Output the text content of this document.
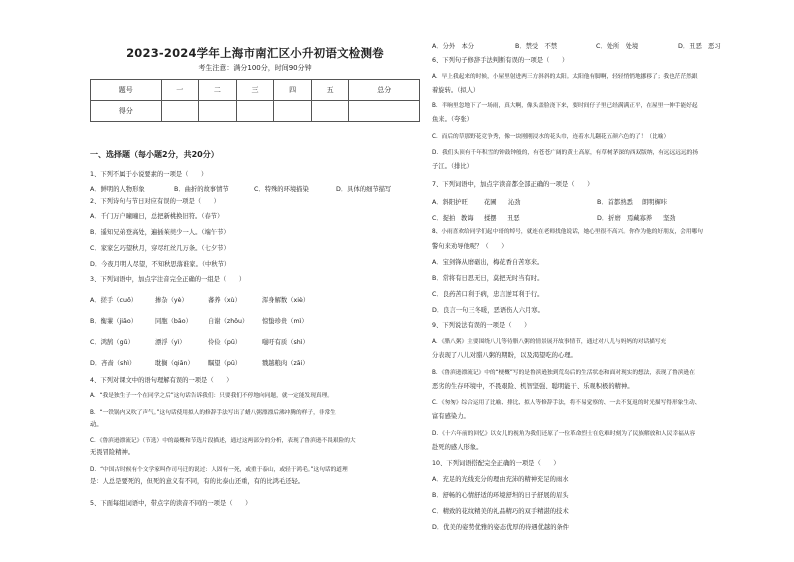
2023-2024学年上海市南汇区小升初语文检测卷
考生注意：满分100分，时间90分钟
题号	一	二	三	四	五	总分
得分						
一、选择题（每小题2分，共20分）
1、下列不属于小说要素的一项是（　　）
A．鲜明的人物形象	B．曲折的故事情节	C．特殊的环境描染	D．具体的细节描写
2、下列诗句与节日对应有误的一项是（　　）
A．千门万户曈曈日，总把新桃换旧符。（春节）
B．遥知兄弟登高处，遍插茱萸少一人。（端午节）
C．家家乞巧望秋月，穿尽红丝几万条。（七夕节）
D．今夜月明人尽望，不知秋思落谁家。（中秋节）
3、下列词语中，加点字注音完全正确的一组是（　　）
A．搓手（cuō）	掺杂（yè）	蕃养（xù）	浑身解数（xiè）
B．衡蒹（jiāo）	同胞（bāo）	自谢（zhōu） 惊蛰珍贵（mì）
C．鸿鹄（gǔ）	漂浮（yì）	伶俭（pū）	嗤吁有质（shì）
D．吝啬（shì）	耽搁（qiān） 瞩望（pū）	戮越粮肉（zāi）
4、下列对课文中的语句理解有误的一项是（　　）
A．“我是独生子一个在同学之后”这句话告诉我们：只要我们不停地向同题，就一定能发现真理。
B．“一铁锅内又吹了声气。”这句话使用拟人的修辞手法写出了蜡八粥漂漂后沸冲腾的样子，非常生
动。
C．《鲁滨逊漂流记》（节选）中的最概和节选片段描述，通过这两部分的分析，表现了鲁滨逊不畏艰险的大
无畏冒险精神。
D．“中国古时候有个文学家叫作司马迁的说过：人固有一死，或重于泰山，或轻于鸿毛。”这句话的道理
是：人总是要死的，但死的意义有不同，有的比泰山还重，有的比鸿毛还轻。
5、下面每组词语中，带点字的读音不同的一项是（　　）
A．分外　本分	B．禁受　不禁	C．处所　处境	D．丑恶　恶习
6、下列句子修辞手法判断有误的一项是（　　）
A．早上我起来的时候，小屋里射进两三方斜斜的太阳。太阳他有脚啊，轻轻悄悄地挪移了；我也茫茫然跟
着旋转。（拟人）
B．半晌里忽地下了一场雨，真大啊，像头盖脸浇下来，要时间仔子里已经满满正平，在屋里一伸手能好起
鱼来。（夸张）
C．而后的草那野花竞争秀，像一块刚刚浸水的花头巾，连着水儿翻花五颜六色的了！（比喻）
D．我们头顶有千年积雪的钟鼓钟般的，有苍苍广阔的黄土高原，有草树茅深的西双版纳，有远远远远的扬
子江。（排比）
7、下列词语中，加点字读音都全部正确的一项是（　　）
A．斜阳护旺	花圃 沁劲	B．首都熟悉 朗明樨咔
C．捉拍 教诲 揉摆 丑恶	D．折磨 焉藏寡养 坚劲
8、小雨喜欢给同学们起中哥的绰号，就连在老师找他说话，她心里很不高兴。你作为他的好朋友，会用哪句
警句来劝导他呢？（　　）
A．宝剑锋从磨砺出，梅花香自苦寒来。
B．常将有日思无日，莫把无时当有时。
C．良药苦口利于病，忠言逆耳利于行。
D．良言一句三冬暖，恶语伤人六月寒。
9、下列说法有误的一项是（　　）
A．《腊八粥》主要围绕八儿等待腊八粥的情景展开故事情节，通过对八儿与妈妈的对话描写充
分表现了八儿对腊八粥的期盼，以及渴望吃的心理。
B．《鲁滨逊漂流记》中的“梗概”写的是鲁滨逊独到荒岛后的生活状态和面对现实的想法，表现了鲁滨逊在
恶劣的生存环境中，不畏艰险、机智坚强、聪明能干、乐观积极的精神。
C．《匆匆》综合运用了比喻、排比、拟人等修辞手法，将不易觉察的、一去不复返的时光描写得形象生动、
富有感染力。
D．《十六年前的回忆》以女儿的视角为我们还原了一位革命烈士在危难时刻为了民族解放和人民幸福从容
赴死的感人形象。
10、下列词语搭配完全正确的一项是（　　）
A．充足的光线充分的理由充沛的精神充足的雨水
B．舒畅的心情舒适的环境舒坦的日子舒展的眉头
C．精致的花纹精美的礼品精巧的双手精湛的技术
D．优美的姿势优雅的姿态优厚的待遇优越的条件
